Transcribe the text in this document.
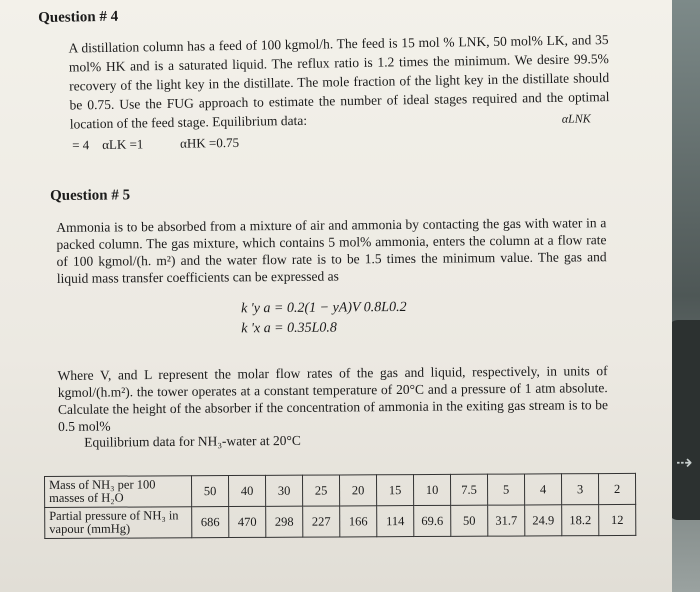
⇢
Question # 4
A distillation column has a feed of 100 kgmol/h. The feed is 15 mol % LNK, 50 mol% LK, and 35 mol% HK and is a saturated liquid. The reflux ratio is 1.2 times the minimum. We desire 99.5% recovery of the light key in the distillate. The mole fraction of the light key in the distillate should be 0.75. Use the FUG approach to estimate the number of ideal stages required and the optimal location of the feed stage. Equilibrium data:
= 4 αLK =1	αHK =0.75
αLNK
Question # 5
Ammonia is to be absorbed from a mixture of air and ammonia by contacting the gas with water in a packed column. The gas mixture, which contains 5 mol% ammonia, enters the column at a flow rate of 100 kgmol/(h. m²) and the water flow rate is to be 1.5 times the minimum value. The gas and liquid mass transfer coefficients can be expressed as
k 'y a = 0.2(1 − yA)V 0.8L0.2
k 'x a = 0.35L0.8
Where V, and L represent the molar flow rates of the gas and liquid, respectively, in units of kgmol/(h.m²). the tower operates at a constant temperature of 20°C and a pressure of 1 atm absolute. Calculate the height of the absorber if the concentration of ammonia in the exiting gas stream is to be 0.5 mol%
Equilibrium data for NH₃-water at 20°C
Mass of NH₃ per 100 masses of H₂O	50	40	30	25	20	15	10	7.5	5	4	3	2
Partial pressure of NH₃ in vapour (mmHg)	686	470	298	227	166	114	69.6	50	31.7	24.9	18.2	12
